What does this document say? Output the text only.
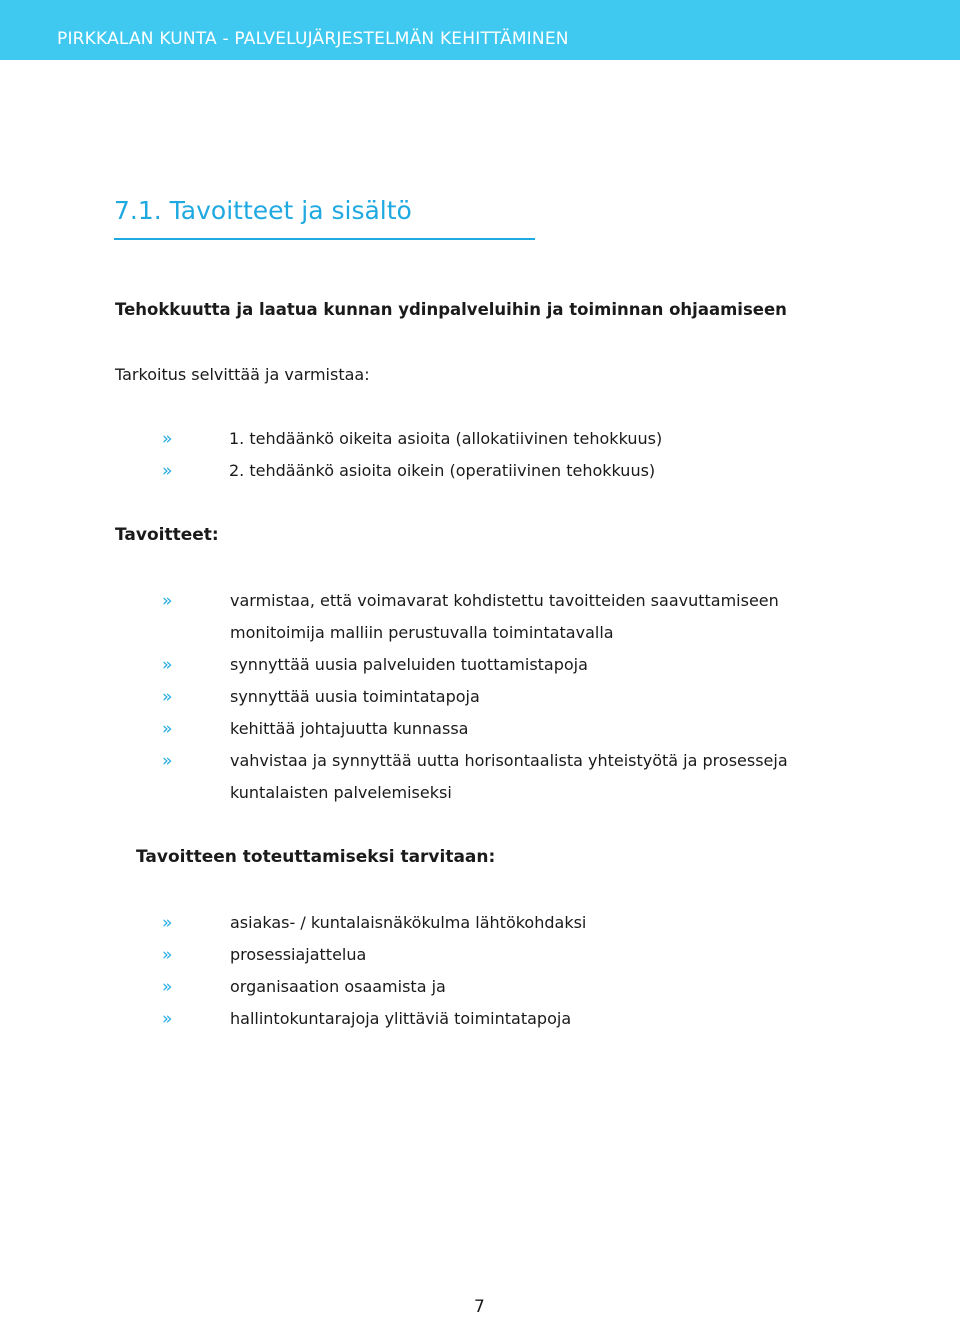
PIRKKALAN KUNTA - PALVELUJÄRJESTELMÄN KEHITTÄMINEN
7.1. Tavoitteet ja sisältö
Tehokkuutta ja laatua kunnan ydinpalveluihin ja toiminnan ohjaamiseen
Tarkoitus selvittää ja varmistaa:
»	1. tehdäänkö oikeita asioita (allokatiivinen tehokkuus)
»	2. tehdäänkö asioita oikein (operatiivinen tehokkuus)
Tavoitteet:
»	varmistaa, että voimavarat kohdistettu tavoitteiden saavuttamiseen monitoimija malliin perustuvalla toimintatavalla
»	synnyttää uusia palveluiden tuottamistapoja
»	synnyttää uusia toimintatapoja
»	kehittää johtajuutta kunnassa
»	vahvistaa ja synnyttää uutta horisontaalista yhteistyötä ja prosesseja kuntalaisten palvelemiseksi
Tavoitteen toteuttamiseksi tarvitaan:
»	asiakas- / kuntalaisnäkökulma lähtökohdaksi
»	prosessiajattelua
»	organisaation osaamista ja
»	hallintokuntarajoja ylittäviä toimintatapoja
7
